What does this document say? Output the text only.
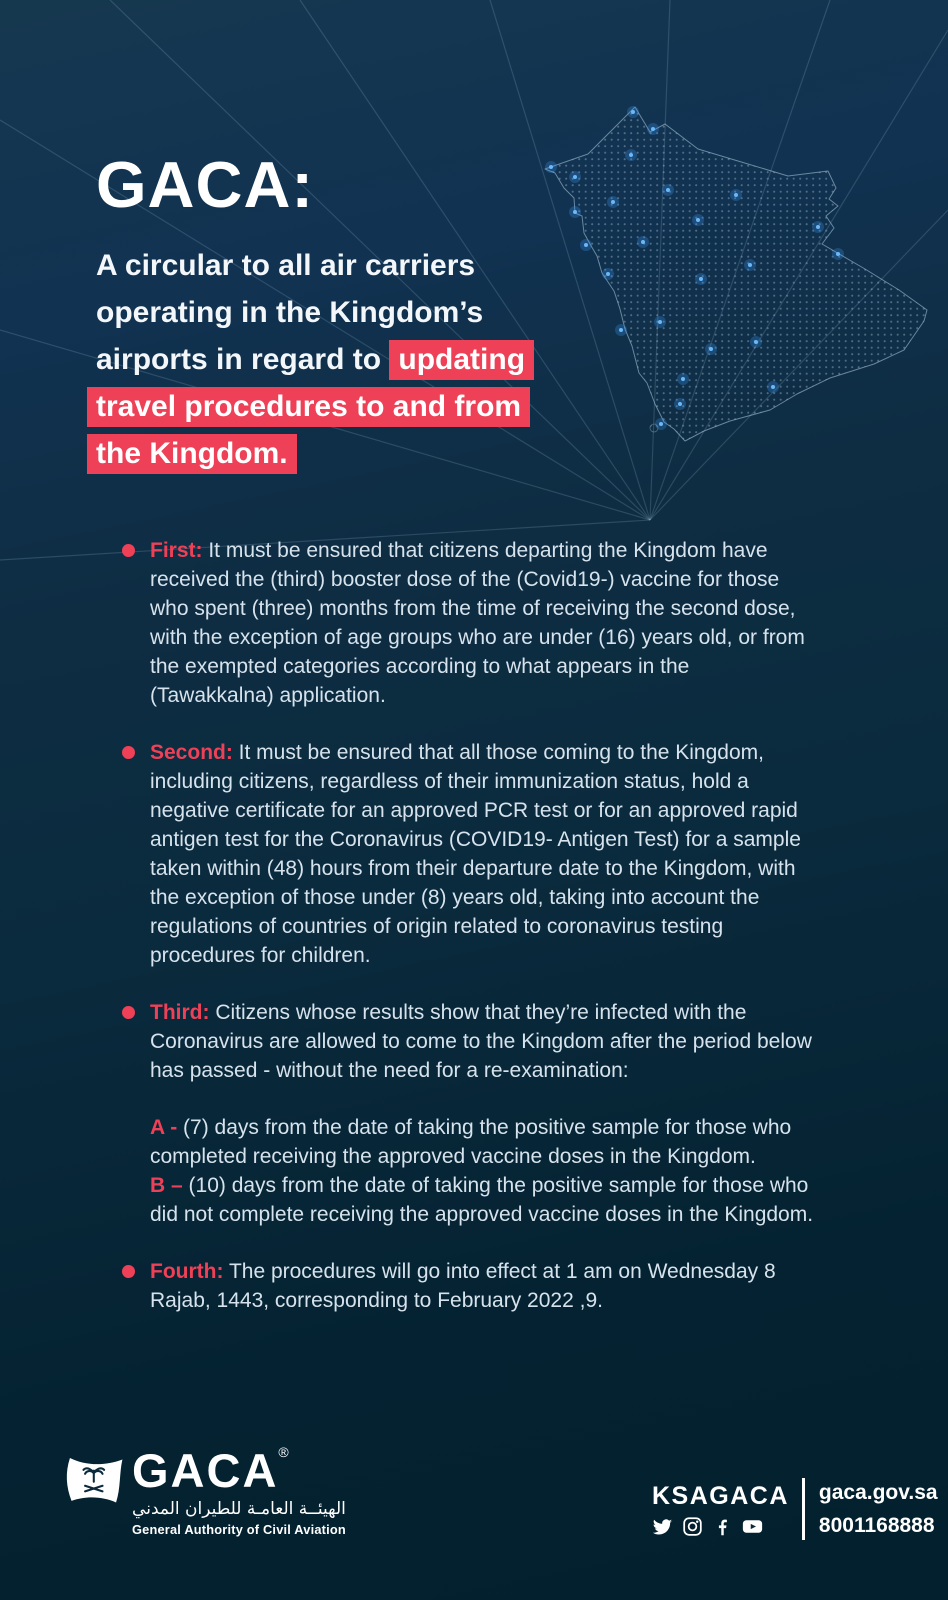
GACA:
A circular to all air carriers
operating in the Kingdom’s
airports in regard to updating
travel procedures to and from
the Kingdom.

First: It must be ensured that citizens departing the Kingdom have received the (third) booster dose of the (Covid19-) vaccine for those who spent (three) months from the time of receiving the second dose, with the exception of age groups who are under (16) years old, or from the exempted categories according to what appears in the (Tawakkalna) application.

Second: It must be ensured that all those coming to the Kingdom, including citizens, regardless of their immunization status, hold a negative certificate for an approved PCR test or for an approved rapid antigen test for the Coronavirus (COVID19- Antigen Test) for a sample taken within (48) hours from their departure date to the Kingdom, with the exception of those under (8) years old, taking into account the regulations of countries of origin related to coronavirus testing procedures for children.

Third: Citizens whose results show that they’re infected with the Coronavirus are allowed to come to the Kingdom after the period below has passed - without the need for a re-examination:

A - (7) days from the date of taking the positive sample for those who completed receiving the approved vaccine doses in the Kingdom.

B – (10) days from the date of taking the positive sample for those who did not complete receiving the approved vaccine doses in the Kingdom.

Fourth: The procedures will go into effect at 1 am on Wednesday 8 Rajab, 1443, corresponding to February 2022 ,9.

GACA®
الهيئــة العامـة للطيران المدني
General Authority of Civil Aviation
KSAGACA gaca.gov.sa
8001168888
